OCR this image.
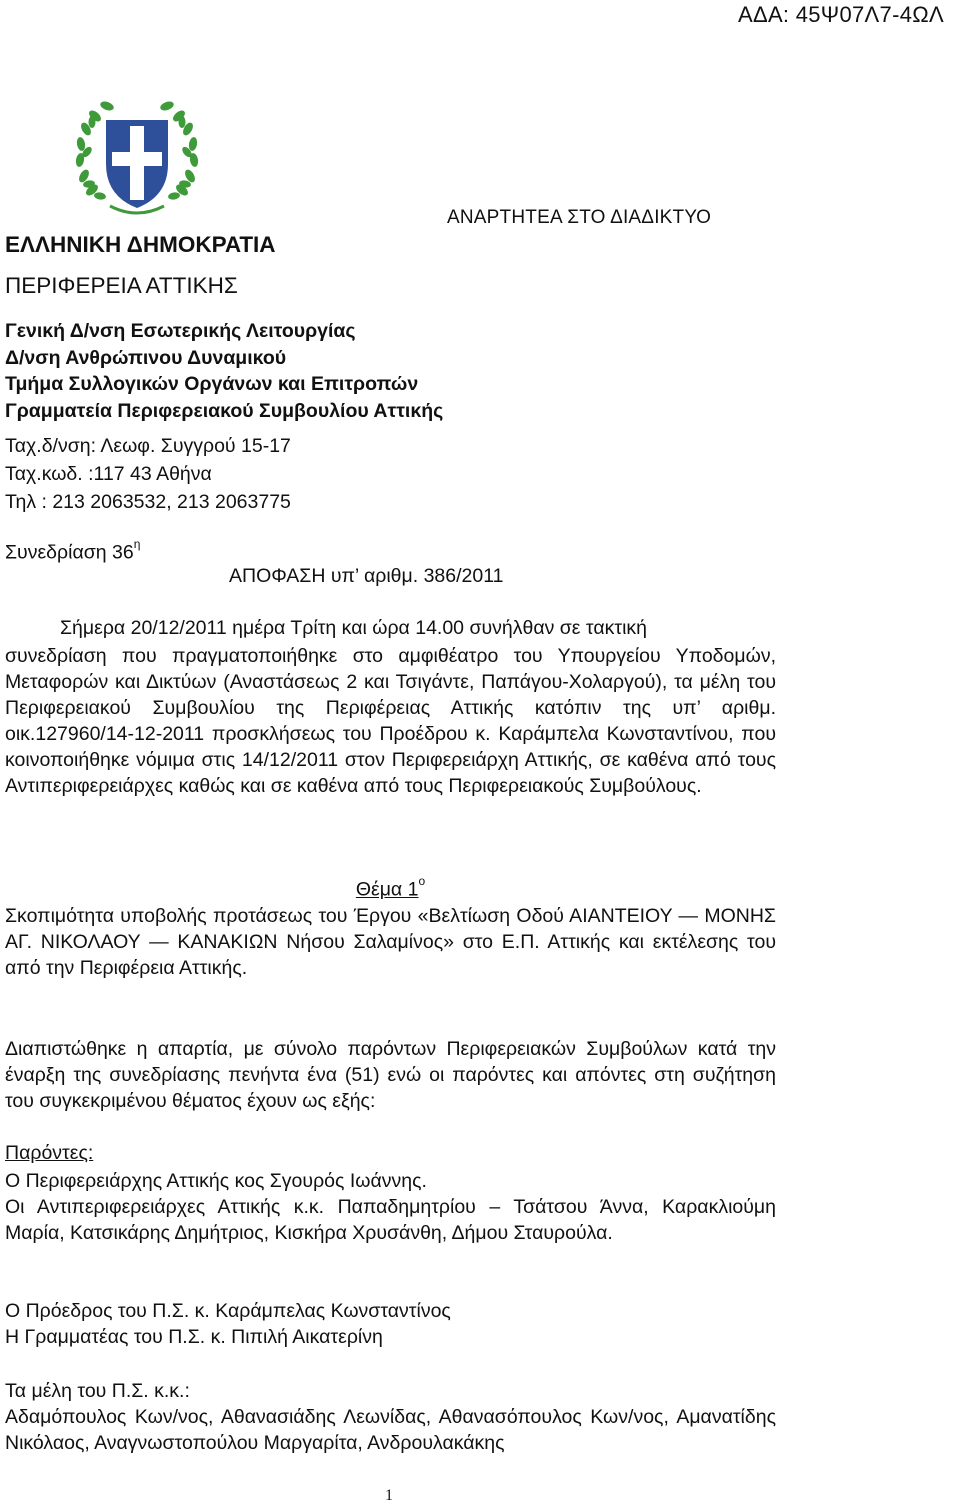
ΑΔΑ: 45Ψ07Λ7-4ΩΛ
ΑΝΑΡΤΗΤΕΑ ΣΤΟ ΔΙΑΔΙΚΤΥΟ
ΕΛΛΗΝΙΚΗ ΔΗΜΟΚΡΑΤΙΑ
ΠΕΡΙΦΕΡΕΙΑ ΑΤΤΙΚΗΣ
Γενική Δ/νση Εσωτερικής Λειτουργίας
Δ/νση Ανθρώπινου Δυναμικού
Τμήμα Συλλογικών Οργάνων και Επιτροπών
Γραμματεία Περιφερειακού Συμβουλίου Αττικής
Ταχ.δ/νση: Λεωφ. Συγγρού 15-17
Ταχ.κωδ. :117 43 Αθήνα
Τηλ : 213 2063532, 213 2063775
Συνεδρίαση $36^\eta$
ΑΠΟΦΑΣΗ υπ’ αριθμ. 386/2011
Σήμερα 20/12/2011 ημέρα Τρίτη και ώρα 14.00 συνήλθαν σε τακτική
συνεδρίαση που πραγματοποιήθηκε στο αμφιθέατρο του Υπουργείου Υποδομών, Μεταφορών και Δικτύων (Αναστάσεως 2 και Τσιγάντε, Παπάγου-Χολαργού), τα μέλη του Περιφερειακού Συμβουλίου της Περιφέρειας Αττικής κατόπιν της υπ’ αριθμ. οικ.127960/14-12-2011 προσκλήσεως του Προέδρου κ. Καράμπελα Κωνσταντίνου, που κοινοποιήθηκε νόμιμα στις 14/12/2011 στον Περιφερειάρχη Αττικής, σε καθένα από τους Αντιπεριφερειάρχες καθώς και σε καθένα από τους Περιφερειακούς Συμβούλους.
Θέμα $1^o$
Σκοπιμότητα υποβολής προτάσεως του Έργου «Βελτίωση Οδού ΑΙΑΝΤΕΙΟΥ — ΜΟΝΗΣ ΑΓ. ΝΙΚΟΛΑΟΥ — ΚΑΝΑΚΙΩΝ Νήσου Σαλαμίνος» στο Ε.Π. Αττικής και εκτέλεσης του από την Περιφέρεια Αττικής.
Διαπιστώθηκε η απαρτία, με σύνολο παρόντων Περιφερειακών Συμβούλων κατά την έναρξη της συνεδρίασης πενήντα ένα (51) ενώ οι παρόντες και απόντες στη συζήτηση του συγκεκριμένου θέματος έχουν ως εξής:
Παρόντες:
Ο Περιφερειάρχης Αττικής κος Σγουρός Ιωάννης.
Οι Αντιπεριφερειάρχες Αττικής κ.κ. Παπαδημητρίου – Τσάτσου Άννα, Καρακλιούμη Μαρία, Κατσικάρης Δημήτριος, Κισκήρα Χρυσάνθη, Δήμου Σταυρούλα.
Ο Πρόεδρος του Π.Σ. κ. Καράμπελας Κωνσταντίνος
Η Γραμματέας του Π.Σ. κ. Πιπιλή Αικατερίνη
Τα μέλη του Π.Σ. κ.κ.:
Αδαμόπουλος Κων/νος, Αθανασιάδης Λεωνίδας, Αθανασόπουλος Κων/νος, Αμανατίδης Νικόλαος, Αναγνωστοπούλου Μαργαρίτα, Ανδρουλακάκης
1
